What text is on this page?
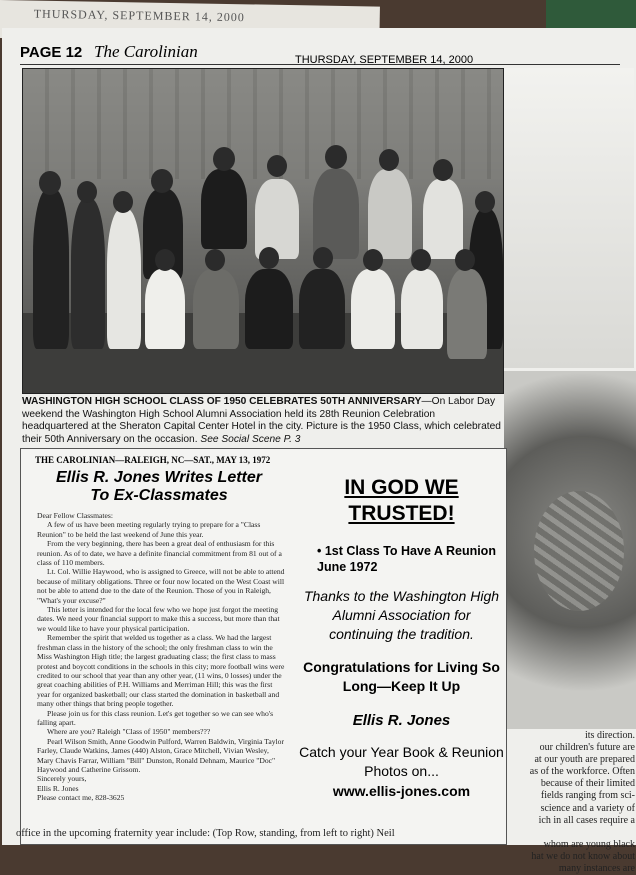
THURSDAY, SEPTEMBER 14, 2000
PAGE 12 The Carolinian	THURSDAY, SEPTEMBER 14, 2000
WASHINGTON HIGH SCHOOL CLASS OF 1950 CELEBRATES 50TH ANNIVERSARY—On Labor Day weekend the Washington High School Alumni Association held its 28th Reunion Celebration headquartered at the Sheraton Capital Center Hotel in the city. Picture is the 1950 Class, which celebrated their 50th Anniversary on the occasion. See Social Scene P. 3
its direction.
our children's future are
at our youth are prepared
as of the workforce. Often
because of their limited
fields ranging from sci-
science and a variety of
ich in all cases require a

whom are young black
hat we do not know about
many instances are
THE CAROLINIAN—RALEIGH, NC—SAT., MAY 13, 1972
Ellis R. Jones Writes Letter
To Ex-Classmates

Dear Fellow Classmates:

A few of us have been meeting regularly trying to prepare for a "Class Reunion" to be held the last weekend of June this year.

From the very beginning, there has been a great deal of enthusiasm for this reunion. As of to date, we have a definite financial commitment from 81 out of a class of 110 members.

Lt. Col. Willie Haywood, who is assigned to Greece, will not be able to attend because of military obligations. Three or four now located on the West Coast will not be able to attend due to the date of the Reunion. Those of you in Raleigh, "What's your excuse?"

This letter is intended for the local few who we hope just forgot the meeting dates. We need your financial support to make this a success, but more than that we would like to have your physical participation.

Remember the spirit that welded us together as a class. We had the largest freshman class in the history of the school; the only freshman class to win the Miss Washington High title; the largest graduating class; the first class to mass protest and boycott conditions in the schools in this city; more football wins were credited to our school that year than any other year, (11 wins, 0 losses) under the great coaching abilities of P.H. Williams and Merriman Hill; this was the first year for organized basketball; our class started the domination in basketball and many other things that bring people together.

Please join us for this class reunion. Let's get together so we can see who's falling apart.

Where are you? Raleigh "Class of 1950" members???

Pearl Wilson Smith, Anne Goodwin Pulford, Warren Baldwin, Virginia Taylor Farley, Claude Watkins, James (440) Alston, Grace Mitchell, Vivian Wesley, Mary Chavis Farrar, William "Bill" Dunston, Ronald Dehnam, Maurice "Doc" Haywood and Catherine Grissom.

Sincerely yours,

Ellis R. Jones

Please contact me, 828-3625

IN GOD WE
TRUSTED!
• 1st Class To Have A Reunion June 1972
Thanks to the Washington High Alumni Association for continuing the tradition.
Congratulations for Living So Long—Keep It Up
Ellis R. Jones
Catch your Year Book & Reunion Photos on...
www.ellis-jones.com
office in the upcoming fraternity year include: (Top Row, standing, from left to right) Neil
